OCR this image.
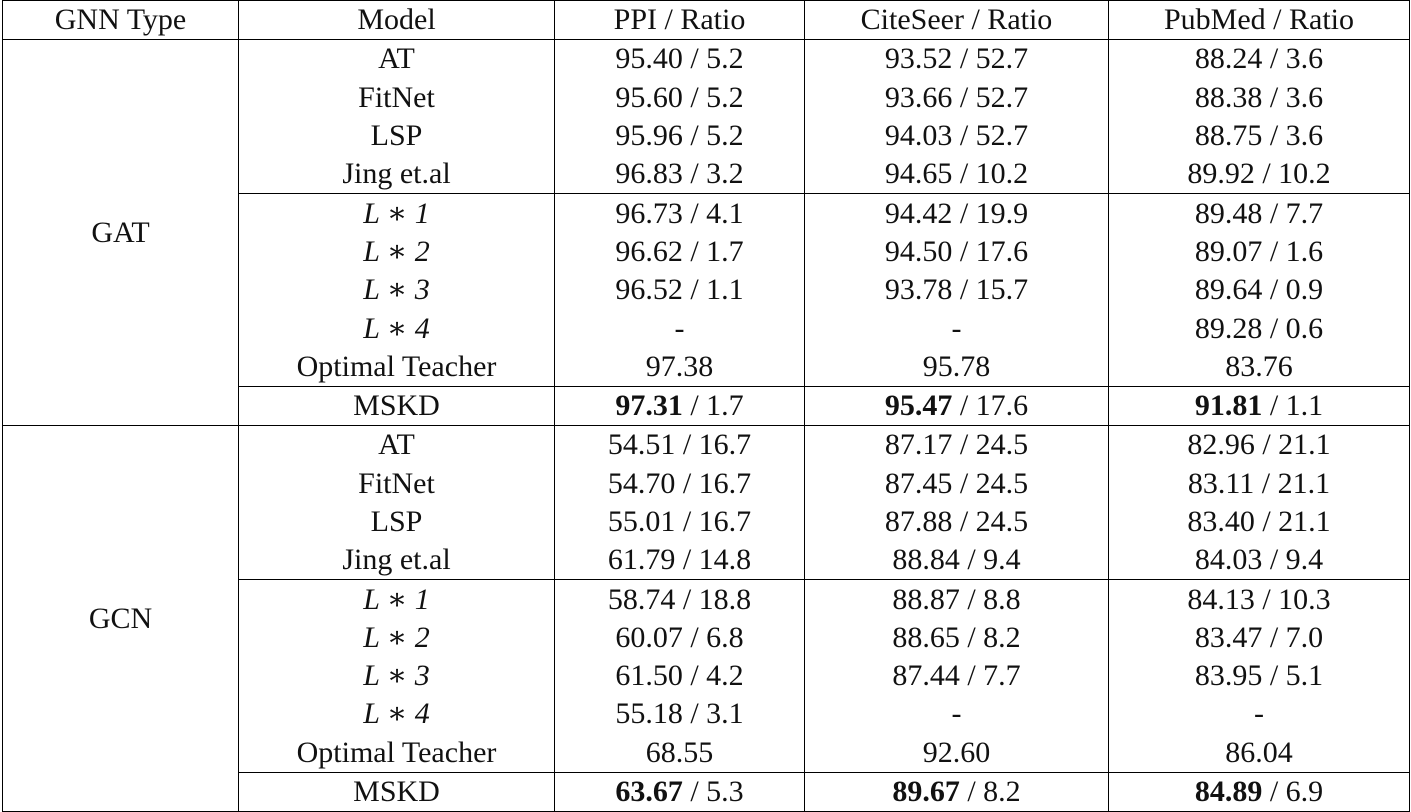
GNN Type	Model	PPI / Ratio	CiteSeer / Ratio	PubMed / Ratio
GAT	AT	95.40 / 5.2	93.52 / 52.7	88.24 / 3.6
	FitNet	95.60 / 5.2	93.66 / 52.7	88.38 / 3.6
	LSP	95.96 / 5.2	94.03 / 52.7	88.75 / 3.6
	Jing et.al	96.83 / 3.2	94.65 / 10.2	89.92 / 10.2
	L ∗ 1	96.73 / 4.1	94.42 / 19.9	89.48 / 7.7
	L ∗ 2	96.62 / 1.7	94.50 / 17.6	89.07 / 1.6
	L ∗ 3	96.52 / 1.1	93.78 / 15.7	89.64 / 0.9
	L ∗ 4	-	-	89.28 / 0.6
	Optimal Teacher	97.38	95.78	83.76
	MSKD	97.31 / 1.7	95.47 / 17.6	91.81 / 1.1
GCN	AT	54.51 / 16.7	87.17 / 24.5	82.96 / 21.1
	FitNet	54.70 / 16.7	87.45 / 24.5	83.11 / 21.1
	LSP	55.01 / 16.7	87.88 / 24.5	83.40 / 21.1
	Jing et.al	61.79 / 14.8	88.84 / 9.4	84.03 / 9.4
	L ∗ 1	58.74 / 18.8	88.87 / 8.8	84.13 / 10.3
	L ∗ 2	60.07 / 6.8	88.65 / 8.2	83.47 / 7.0
	L ∗ 3	61.50 / 4.2	87.44 / 7.7	83.95 / 5.1
	L ∗ 4	55.18 / 3.1	-	-
	Optimal Teacher	68.55	92.60	86.04
	MSKD	63.67 / 5.3	89.67 / 8.2	84.89 / 6.9
